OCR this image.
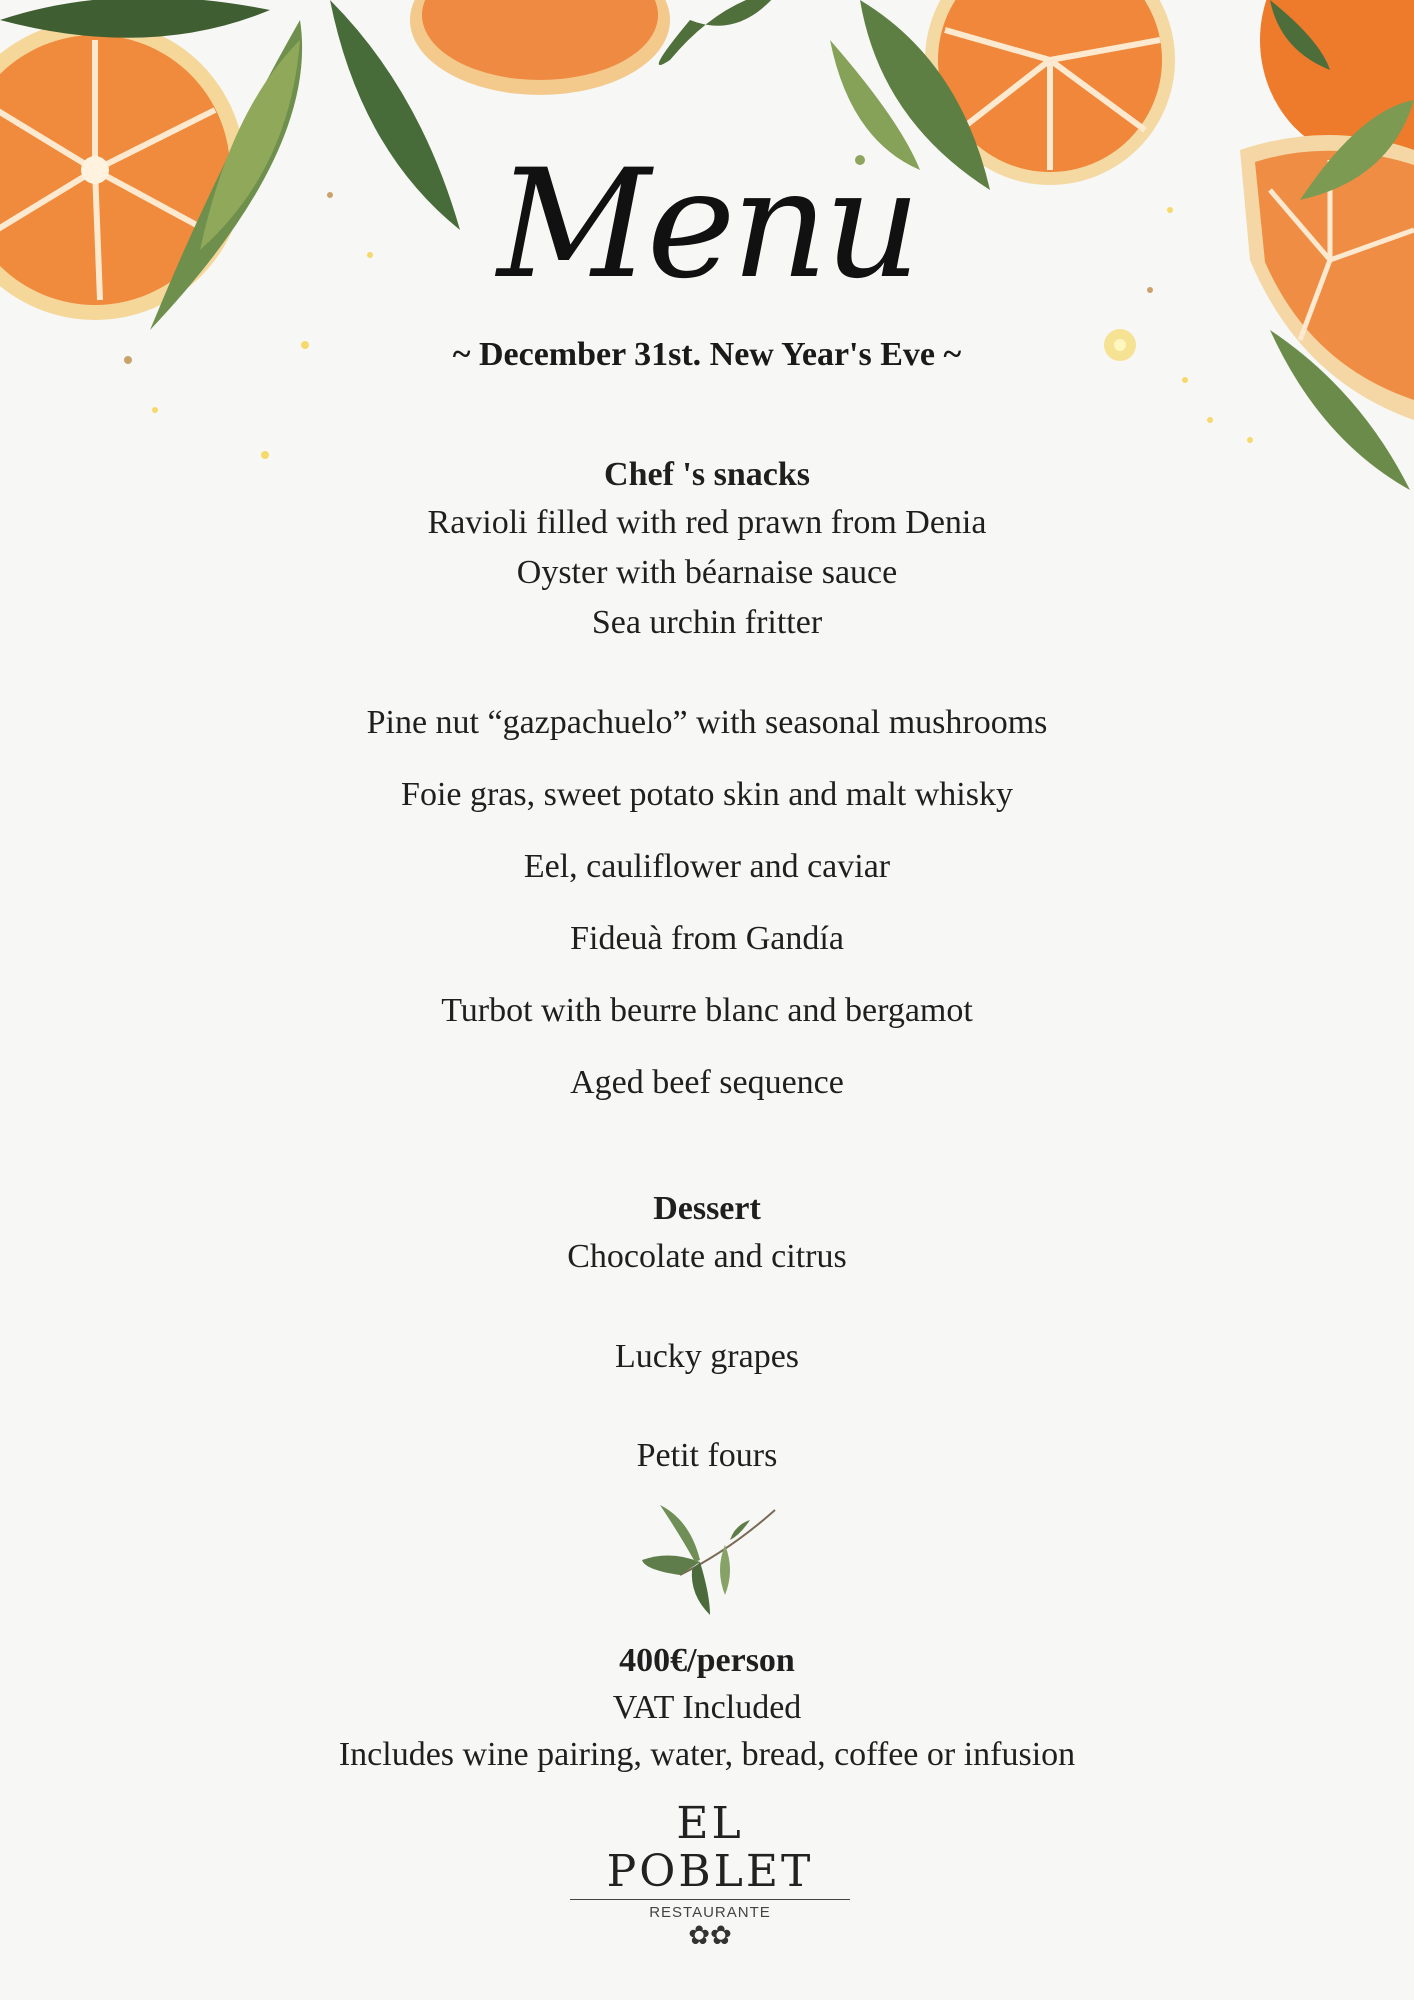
Menu
~ December 31st. New Year's Eve ~
Chef 's snacks
Ravioli filled with red prawn from Denia
Oyster with béarnaise sauce
Sea urchin fritter
Pine nut “gazpachuelo” with seasonal mushrooms
Foie gras, sweet potato skin and malt whisky
Eel, cauliflower and caviar
Fideuà from Gandía
Turbot with beurre blanc and bergamot
Aged beef sequence
Dessert
Chocolate and citrus
Lucky grapes
Petit fours
400€/person
VAT Included
Includes wine pairing, water, bread, coffee or infusion
EL POBLET
RESTAURANTE
✿✿
